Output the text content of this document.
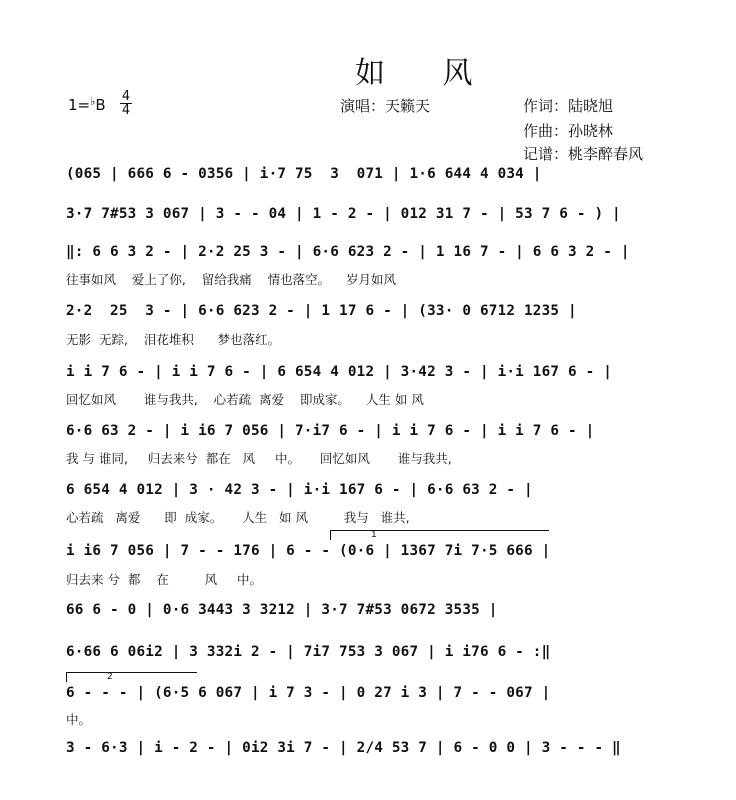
如 风
1=♭B 4
4	演唱：天籁天	作词：陆晓旭
作曲：孙晓林
记谱：桃李醉春风
(065 | 666 6 - 0356 | i·7 75  3  071 | 1·6 644 4 034 |
3·7 7#53 3 067 | 3 - - 04 | 1 - 2 - | 012 31 7 - | 53 7 6 - ) |
‖: 6 6 3 2 - | 2·2 25 3 - | 6·6 623 2 - | 1 16 7 - | 6 6 3 2 - |
往事如风    爱上了你,    留给我痛    情也落空。    岁月如风
2·2  25  3 - | 6·6 623 2 - | 1 17 6 - | (33· 0 6712 1235 |
无影  无踪,    泪花堆积      梦也落红。
i i 7 6 - | i i 7 6 - | 6 654 4 012 | 3·42 3 - | i·i 167 6 - |
回忆如风       谁与我共,    心若疏  离爱    即成家。    人生 如 风
6·6 63 2 - | i i6 7 056 | 7·i7 6 - | i i 7 6 - | i i 7 6 - |
我 与 谁同,     归去来兮  都在   风     中。     回忆如风       谁与我共,
1
6 654 4 012 | 3 · 42 3 - | i·i 167 6 - | 6·6 63 2 - |
心若疏   离爱      即  成家。     人生   如 风         我与   谁共,
i i6 7 056 | 7 - - 176 | 6 - - (0·6 | 1367 7i 7·5 666 |
归去来 兮  都    在         风     中。
66 6 - 0 | 0·6 3443 3 3212 | 3·7 7#53 0672 3535 |
6·66 6 06i2 | 3 332i 2 - | 7i7 753 3 067 | i i76 6 - :‖
2
6 - - - | (6·5 6 067 | i 7 3 - | 0 27 i 3 | 7 - - 067 |
中。
3 - 6·3 | i - 2 - | 0i2 3i 7 - | 2/4 53 7 | 6 - 0 0 | 3 - - - ‖
